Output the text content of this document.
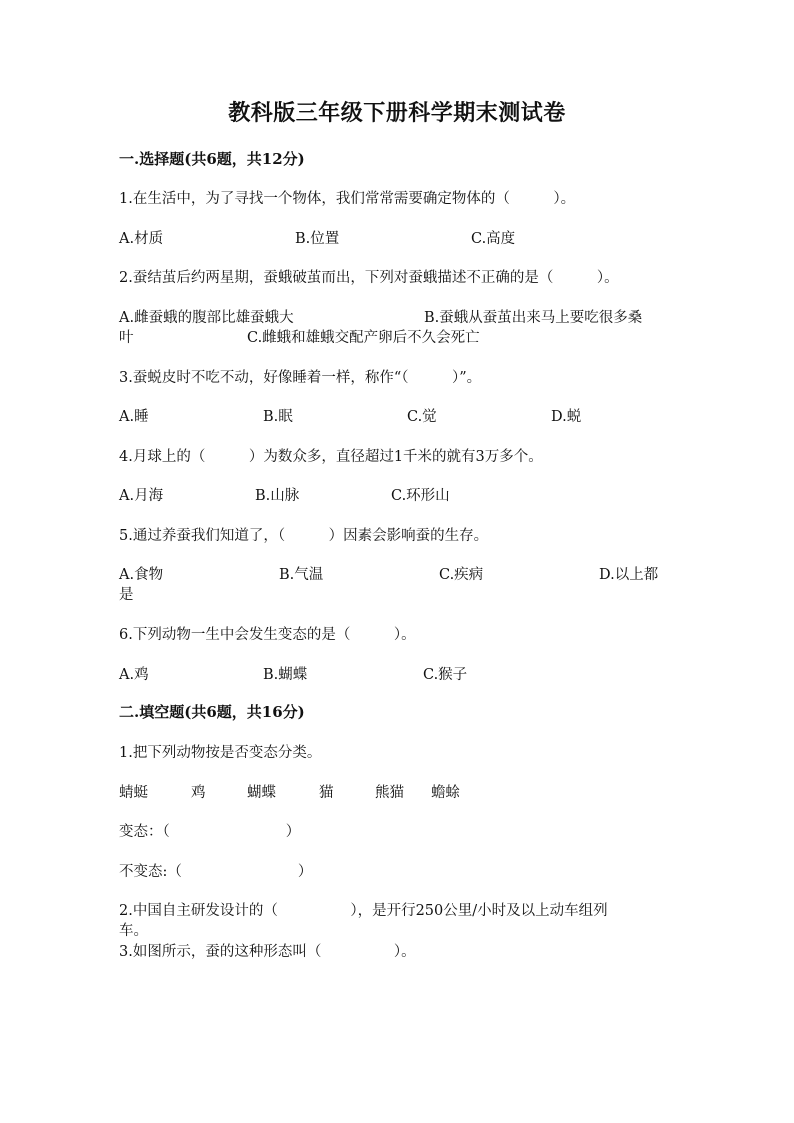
教科版三年级下册科学期末测试卷
一.选择题(共6题，共12分)
1.在生活中，为了寻找一个物体，我们常常需要确定物体的（　　　）。
A.材质	B.位置	C.高度
2.蚕结茧后约两星期，蚕蛾破茧而出，下列对蚕蛾描述不正确的是（　　　）。
A.雌蚕蛾的腹部比雄蚕蛾大	B.蚕蛾从蚕茧出来马上要吃很多桑
叶	C.雌蛾和雄蛾交配产卵后不久会死亡
3.蚕蜕皮时不吃不动，好像睡着一样，称作“（　　　）”。
A.睡	B.眠	C.觉	D.蜕
4.月球上的（　　　）为数众多，直径超过1千米的就有3万多个。
A.月海	B.山脉	C.环形山
5.通过养蚕我们知道了，（　　　）因素会影响蚕的生存。
A.食物	B.气温	C.疾病	D.以上都
是
6.下列动物一生中会发生变态的是（　　　）。
A.鸡	B.蝴蝶	C.猴子
二.填空题(共6题，共16分)
1.把下列动物按是否变态分类。
蜻蜓	鸡	蝴蝶	猫	熊猫 蟾蜍
变态：（　　　　　　　　）
不变态:（　　　　　　　　）
2.中国自主研发设计的（　　　　　），是开行250公里/小时及以上动车组列
车。
3.如图所示，蚕的这种形态叫（　　　　　）。
